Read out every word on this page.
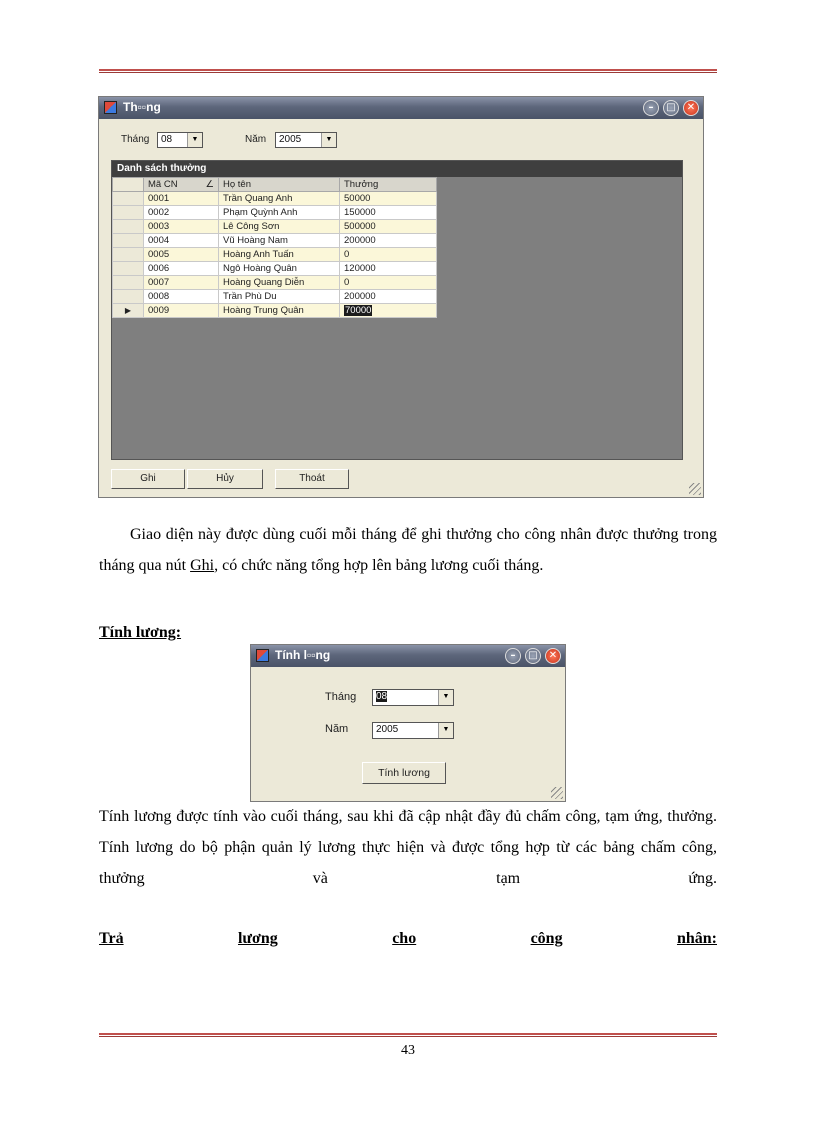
Th▫▫ng	–	□	✕
Tháng 08	▼	Năm 2005	▼
Danh sách thưởng
	Mã CN ∠	Họ tên	Thưởng
	0001	Trần Quang Anh	50000
	0002	Phạm Quỳnh Anh	150000
	0003	Lê Công Sơn	500000
	0004	Vũ Hoàng Nam	200000
	0005	Hoàng Anh Tuấn	0
	0006	Ngô Hoàng Quân	120000
	0007	Hoàng Quang Diễn	0
	0008	Trần Phù Du	200000
▶	0009	Hoàng Trung Quân	70000
Ghi	Hủy	Thoát
Giao diện này được dùng cuối mỗi tháng để ghi thưởng cho công nhân được thưởng trong tháng qua nút Ghi, có chức năng tổng hợp lên bảng lương cuối tháng.
Tính lương:
Tính l▫▫ng	–	□	✕
Tháng 08	▼
Năm	2005	▼
Tính lương
Tính lương được tính vào cuối tháng, sau khi đã cập nhật đầy đủ chấm công, tạm ứng, thưởng. Tính lương do bộ phận quản lý lương thực hiện và được tổng hợp từ các bảng chấm công, thưởng và tạm ứng.
Trả	lương	cho	công	nhân:
43
